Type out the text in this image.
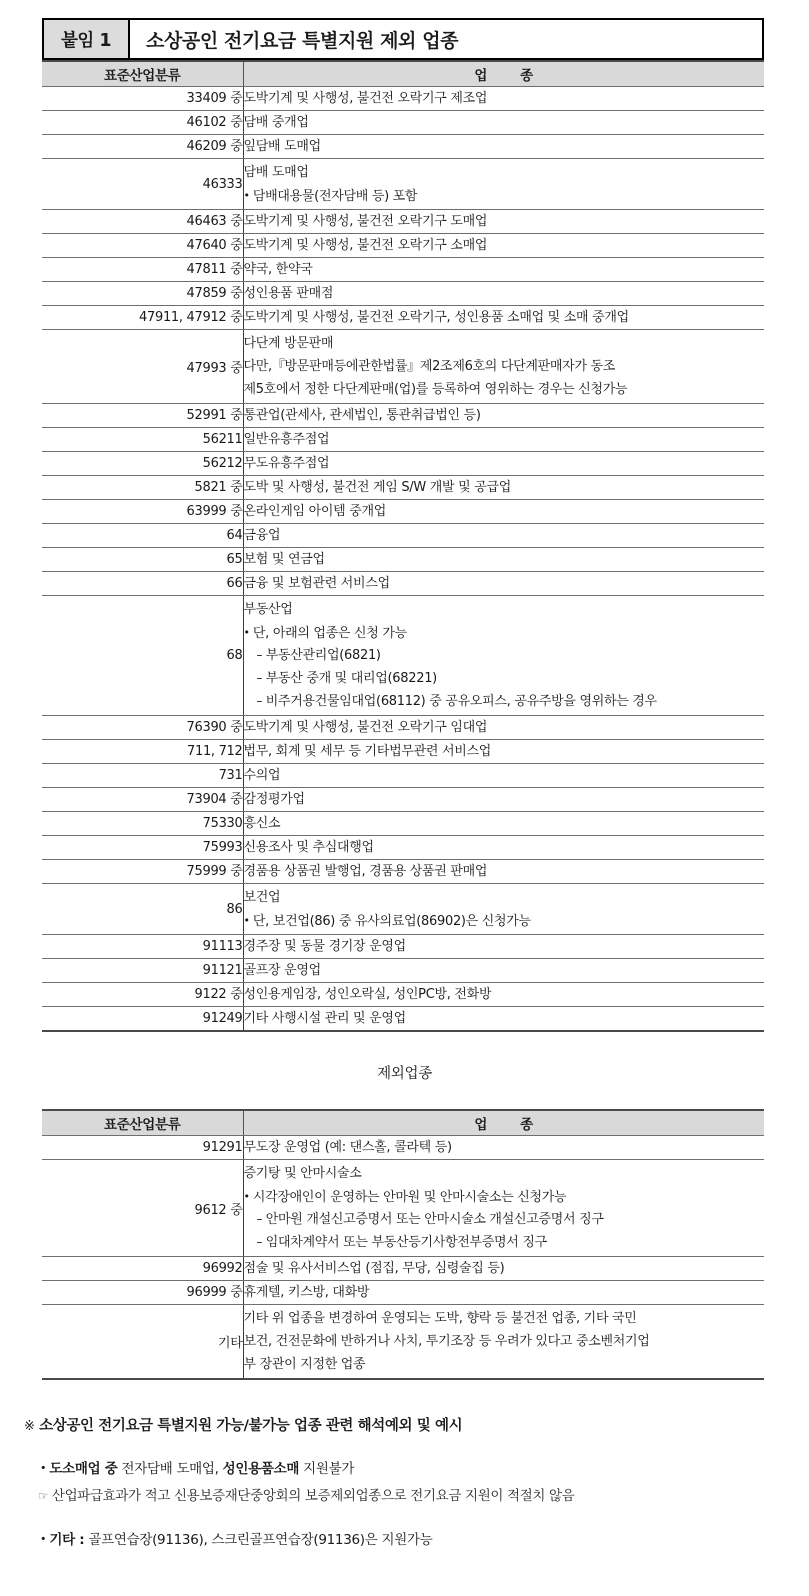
붙임 1	소상공인 전기요금 특별지원 제외 업종
표준산업분류	업 종
33409 중	도박기계 및 사행성, 불건전 오락기구 제조업

46102 중	담배 중개업

46209 중	잎담배 도매업

46333	담배 도매업
• 담배대용물(전자담배 등) 포함

46463 중	도박기계 및 사행성, 불건전 오락기구 도매업

47640 중	도박기계 및 사행성, 불건전 오락기구 소매업

47811 중	약국, 한약국

47859 중	성인용품 판매점

47911, 47912 중	도박기계 및 사행성, 불건전 오락기구, 성인용품 소매업 및 소매 중개업

47993 중	다단계 방문판매
다만,『방문판매등에관한법률』제2조제6호의 다단계판매자가 동조
제5호에서 정한 다단계판매(업)를 등록하여 영위하는 경우는 신청가능

52991 중	통관업(관세사, 관세법인, 통관취급법인 등)

56211	일반유흥주점업

56212	무도유흥주점업

5821 중	도박 및 사행성, 불건전 게임 S/W 개발 및 공급업

63999 중	온라인게임 아이템 중개업

64	금융업

65	보험 및 연금업

66	금융 및 보험관련 서비스업

68	부동산업
• 단, 아래의 업종은 신청 가능
– 부동산관리업(6821)
– 부동산 중개 및 대리업(68221)
– 비주거용건물임대업(68112) 중 공유오피스, 공유주방을 영위하는 경우

76390 중	도박기계 및 사행성, 불건전 오락기구 임대업

711, 712	법무, 회계 및 세무 등 기타법무관련 서비스업

731	수의업

73904 중	감정평가업

75330	흥신소

75993	신용조사 및 추심대행업

75999 중	경품용 상품권 발행업, 경품용 상품권 판매업

86	보건업
• 단, 보건업(86) 중 유사의료업(86902)은 신청가능

91113	경주장 및 동물 경기장 운영업

91121	골프장 운영업

9122 중	성인용게임장, 성인오락실, 성인PC방, 전화방

91249	기타 사행시설 관리 및 운영업
제외업종
표준산업분류	업 종
91291	무도장 운영업 (예: 댄스홀, 콜라텍 등)

9612 중	증기탕 및 안마시술소
• 시각장애인이 운영하는 안마원 및 안마시술소는 신청가능
– 안마원 개설신고증명서 또는 안마시술소 개설신고증명서 징구
– 임대차계약서 또는 부동산등기사항전부증명서 징구

96992	점술 및 유사서비스업 (점집, 무당, 심령술집 등)

96999 중	휴게텔, 키스방, 대화방

기타	기타 위 업종을 변경하여 운영되는 도박, 향락 등 불건전 업종, 기타 국민
보건, 건전문화에 반하거나 사치, 투기조장 등 우려가 있다고 중소벤처기업
부 장관이 지정한 업종
※ 소상공인 전기요금 특별지원 가능/불가능 업종 관련 해석예외 및 예시
• 도소매업 중 전자담배 도매업, 성인용품소매 지원불가
☞ 산업파급효과가 적고 신용보증재단중앙회의 보증제외업종으로 전기요금 지원이 적절치 않음
• 기타 : 골프연습장(91136), 스크린골프연습장(91136)은 지원가능
